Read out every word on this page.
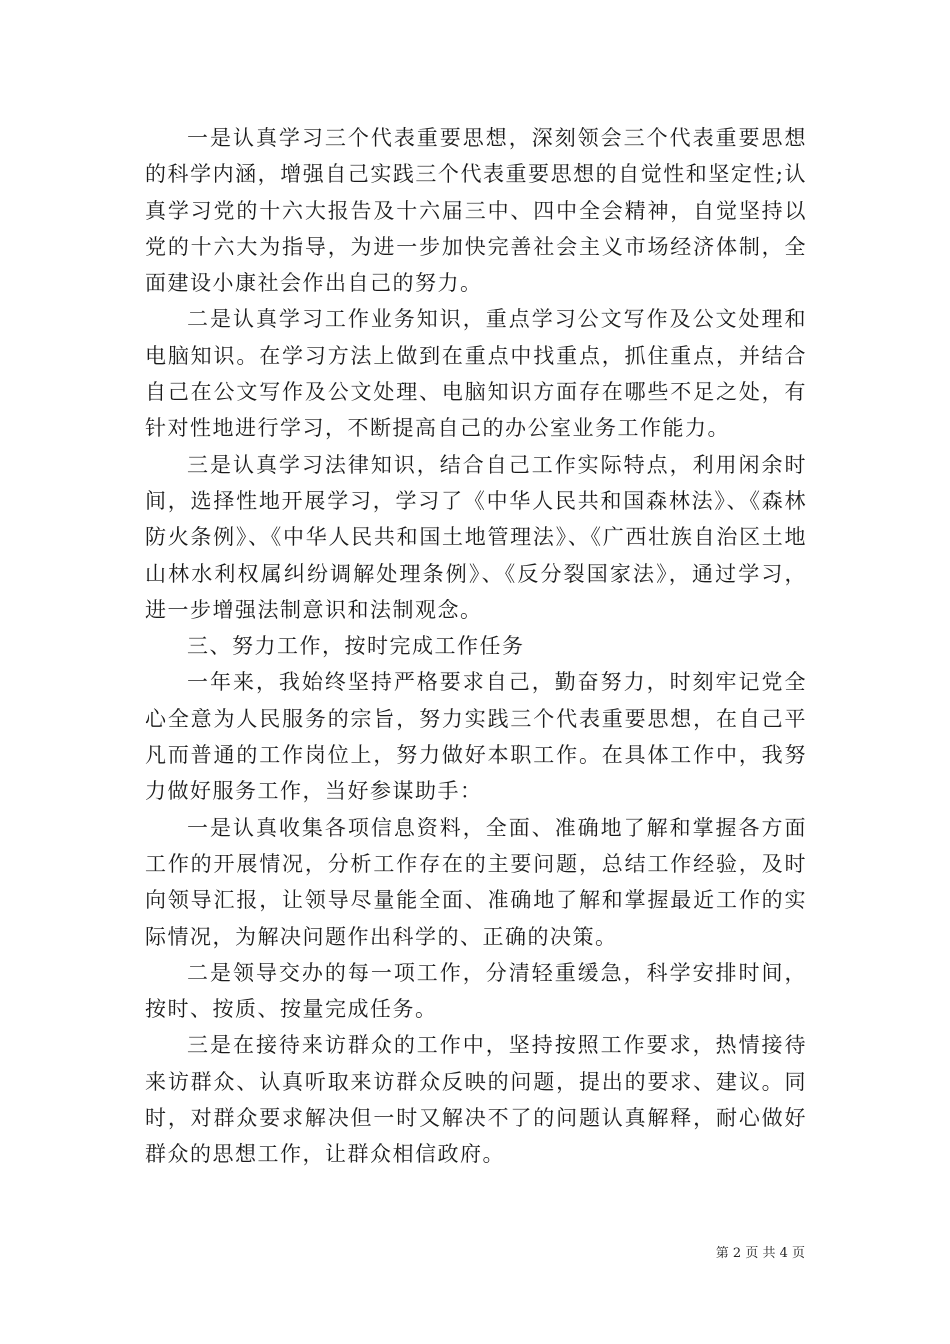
一是认真学习三个代表重要思想，深刻领会三个代表重要思想的科学内涵，增强自己实践三个代表重要思想的自觉性和坚定性;认真学习党的十六大报告及十六届三中、四中全会精神，自觉坚持以党的十六大为指导，为进一步加快完善社会主义市场经济体制，全面建设小康社会作出自己的努力。

二是认真学习工作业务知识，重点学习公文写作及公文处理和电脑知识。在学习方法上做到在重点中找重点，抓住重点，并结合自己在公文写作及公文处理、电脑知识方面存在哪些不足之处，有针对性地进行学习，不断提高自己的办公室业务工作能力。

三是认真学习法律知识，结合自己工作实际特点，利用闲余时间，选择性地开展学习，学习了《中华人民共和国森林法》、《森林防火条例》、《中华人民共和国土地管理法》、《广西壮族自治区土地山林水利权属纠纷调解处理条例》、《反分裂国家法》，通过学习，进一步增强法制意识和法制观念。

三、努力工作，按时完成工作任务

一年来，我始终坚持严格要求自己，勤奋努力，时刻牢记党全心全意为人民服务的宗旨，努力实践三个代表重要思想，在自己平凡而普通的工作岗位上，努力做好本职工作。在具体工作中，我努力做好服务工作，当好参谋助手：

一是认真收集各项信息资料，全面、准确地了解和掌握各方面工作的开展情况，分析工作存在的主要问题，总结工作经验，及时向领导汇报，让领导尽量能全面、准确地了解和掌握最近工作的实际情况，为解决问题作出科学的、正确的决策。

二是领导交办的每一项工作，分清轻重缓急，科学安排时间，按时、按质、按量完成任务。

三是在接待来访群众的工作中，坚持按照工作要求，热情接待来访群众、认真听取来访群众反映的问题，提出的要求、建议。同时，对群众要求解决但一时又解决不了的问题认真解释，耐心做好群众的思想工作，让群众相信政府。

第 2 页 共 4 页
